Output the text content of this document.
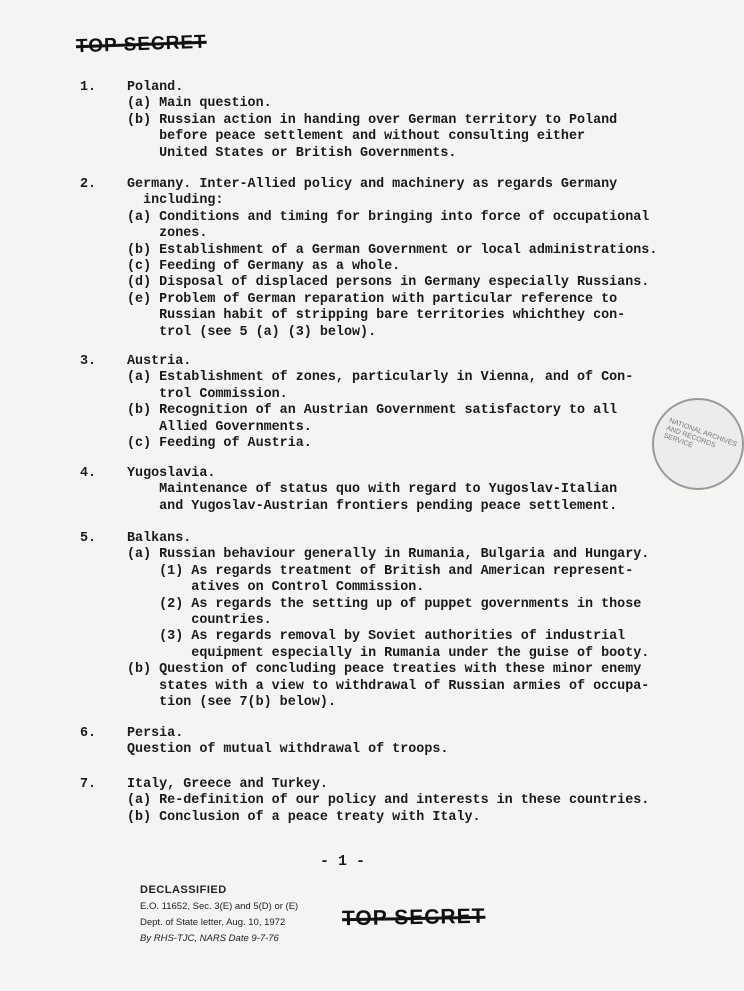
TOP SECRET
1. Poland.
(a) Main question.
(b) Russian action in handing over German territory to Poland
before peace settlement and without consulting either
United States or British Governments.
2. Germany. Inter-Allied policy and machinery as regards Germany
including:
(a) Conditions and timing for bringing into force of occupational
zones.
(b) Establishment of a German Government or local administrations.
(c) Feeding of Germany as a whole.
(d) Disposal of displaced persons in Germany especially Russians.
(e) Problem of German reparation with particular reference to
Russian habit of stripping bare territories whichthey con-
trol (see 5 (a) (3) below).
3. Austria.
(a) Establishment of zones, particularly in Vienna, and of Con-
trol Commission.
(b) Recognition of an Austrian Government satisfactory to all
Allied Governments.
(c) Feeding of Austria.
4. Yugoslavia.
Maintenance of status quo with regard to Yugoslav-Italian
and Yugoslav-Austrian frontiers pending peace settlement.
5. Balkans.
(a) Russian behaviour generally in Rumania, Bulgaria and Hungary.
(1) As regards treatment of British and American represent-
atives on Control Commission.
(2) As regards the setting up of puppet governments in those
countries.
(3) As regards removal by Soviet authorities of industrial
equipment especially in Rumania under the guise of booty.
(b) Question of concluding peace treaties with these minor enemy
states with a view to withdrawal of Russian armies of occupa-
tion (see 7(b) below).
6. Persia.
Question of mutual withdrawal of troops.
7. Italy, Greece and Turkey.
(a) Re-definition of our policy and interests in these countries.
(b) Conclusion of a peace treaty with Italy.
- 1 -
DECLASSIFIED
E.O. 11652, Sec. 3(E) and 5(D) or (E)
Dept. of State letter, Aug. 10, 1972
By RHS-TJC, NARS Date 9-7-76
TOP SECRET
NATIONAL ARCHIVES AND RECORDS SERVICE
